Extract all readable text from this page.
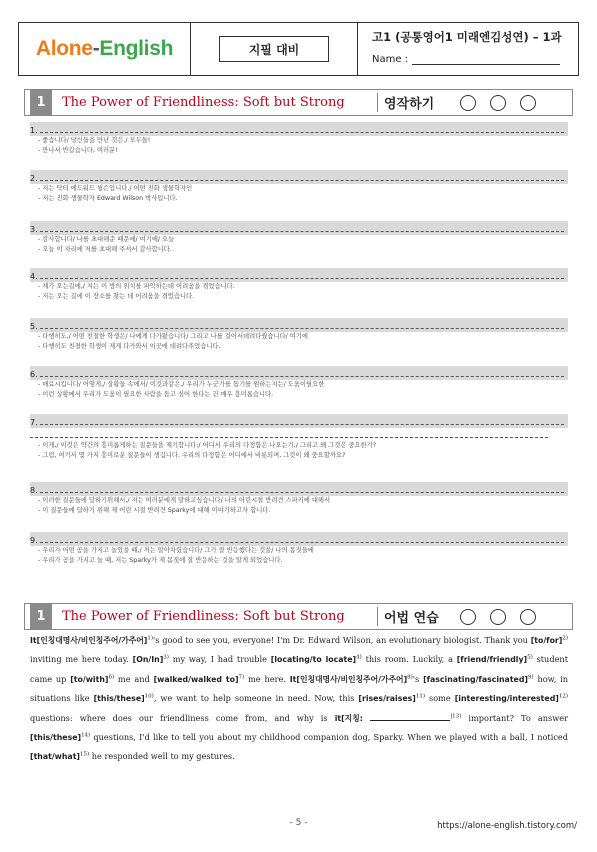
Alone-English	지필 대비
고1 (공통영어1 미래엔김성연) – 1과
Name :
1	The Power of Friendliness: Soft but Strong	영작하기
1.
- 좋습니다/ 당신들을 만난 것은./ 모두들!
- 만나서 반갑습니다, 여러분!
2.
- 저는 닥터 에드워드 윌슨입니다./ 어떤 진화 생물학자인
- 저는 진화 생물학자 Edward Wilson 박사입니다.
3.
- 감사합니다/ 나를 초대해준 때문에/ 여기에/ 오늘
- 오늘 이 자리에 저를 초대해 주셔서 감사합니다.
4.
- 제가 오는길에,/ 저는 이 방의 위치를 파악하는데 어려움을 겪었습니다.
- 저는 오는 길에 이 장소를 찾는 데 어려움을 겪었습니다.
5.
- 다행히도,/ 어떤 친절한 학생은/ 나에게 다가왔습니다/ 그리고 나를 걸어서데려다줬습니다/ 여기에
- 다행히도 친절한 학생이 제게 다가와서 이곳에 데려다주었습니다.
6.
- 매료시킵니다/ 어떻게,/ 상황들 속에서/ 이것과같은,/ 우리가 누군가를 돕기를 원하는지는/ 도움이필요한
- 이런 상황에서 우리가 도움이 필요한 사람을 돕고 싶어 한다는 건 매우 흥미롭습니다.
7.
- 이게,/ 이것은 약간의 흥미롭게하는 질문들을 제기합니다:/ 어디서 우리의 다정함은 나오는가,/ 그리고 왜 그것은 중요한가?
- 그럼, 여기서 몇 가지 흥미로운 질문들이 생깁니다. 우리의 다정함은 어디에서 비롯되며, 그것이 왜 중요할까요?
8.
- 이러한 질문들에 답하기위해서,/ 저는 여러분에게 말하고싶습니다/ 나의 어린시절 반려견 스파키에 대해서
- 이 질문들에 답하기 위해 제 어린 시절 반려견 Sparky에 대해 이야기하고자 합니다.
9.
- 우리가 어떤 공을 가지고 놀았을 때,/ 저는 알아차렸습니다/ 그가 잘 반응했다는 것을/ 나의 몸짓들에
- 우리가 공을 가지고 놀 때, 저는 Sparky가 제 몸짓에 잘 반응하는 것을 알게 되었습니다.
1	The Power of Friendliness: Soft but Strong	어법 연습
It[인칭대명사/비인칭주어/가주어]$^{1)}$'s good to see you, everyone! I'm Dr. Edward Wilson, an evolutionary biologist. Thank you $[to/for]^{2)}$ inviting me here today. $[On/In]^{3)}$ my way, I had trouble [locating/to locate]$^{4)}$ this room. Luckily, a [friend/friendly]$^{5)}$ student came up [to/with]$^{6)}$ me and [walked/walked to]$^{7)}$ me here. It[인칭대명사/비인칭주어/가주어]$^{8)}$'s [fascinating/fascinated]$^{9)}$ how, in situations like [this/these]$^{10)}$, we want to help someone in need. Now, this [rises/raises]$^{11)}$ some [interesting/interested]$^{12)}$ questions: where does our friendliness come from, and why is it[지칭:	$^{]13)}$ important? To answer [this/these]$^{14)}$ questions, I'd like to tell you about my childhood companion dog, Sparky. When we played with a ball, I noticed [that/what]$^{15)}$ he responded well to my gestures.
- 5 -	https://alone-english.tistory.com/
